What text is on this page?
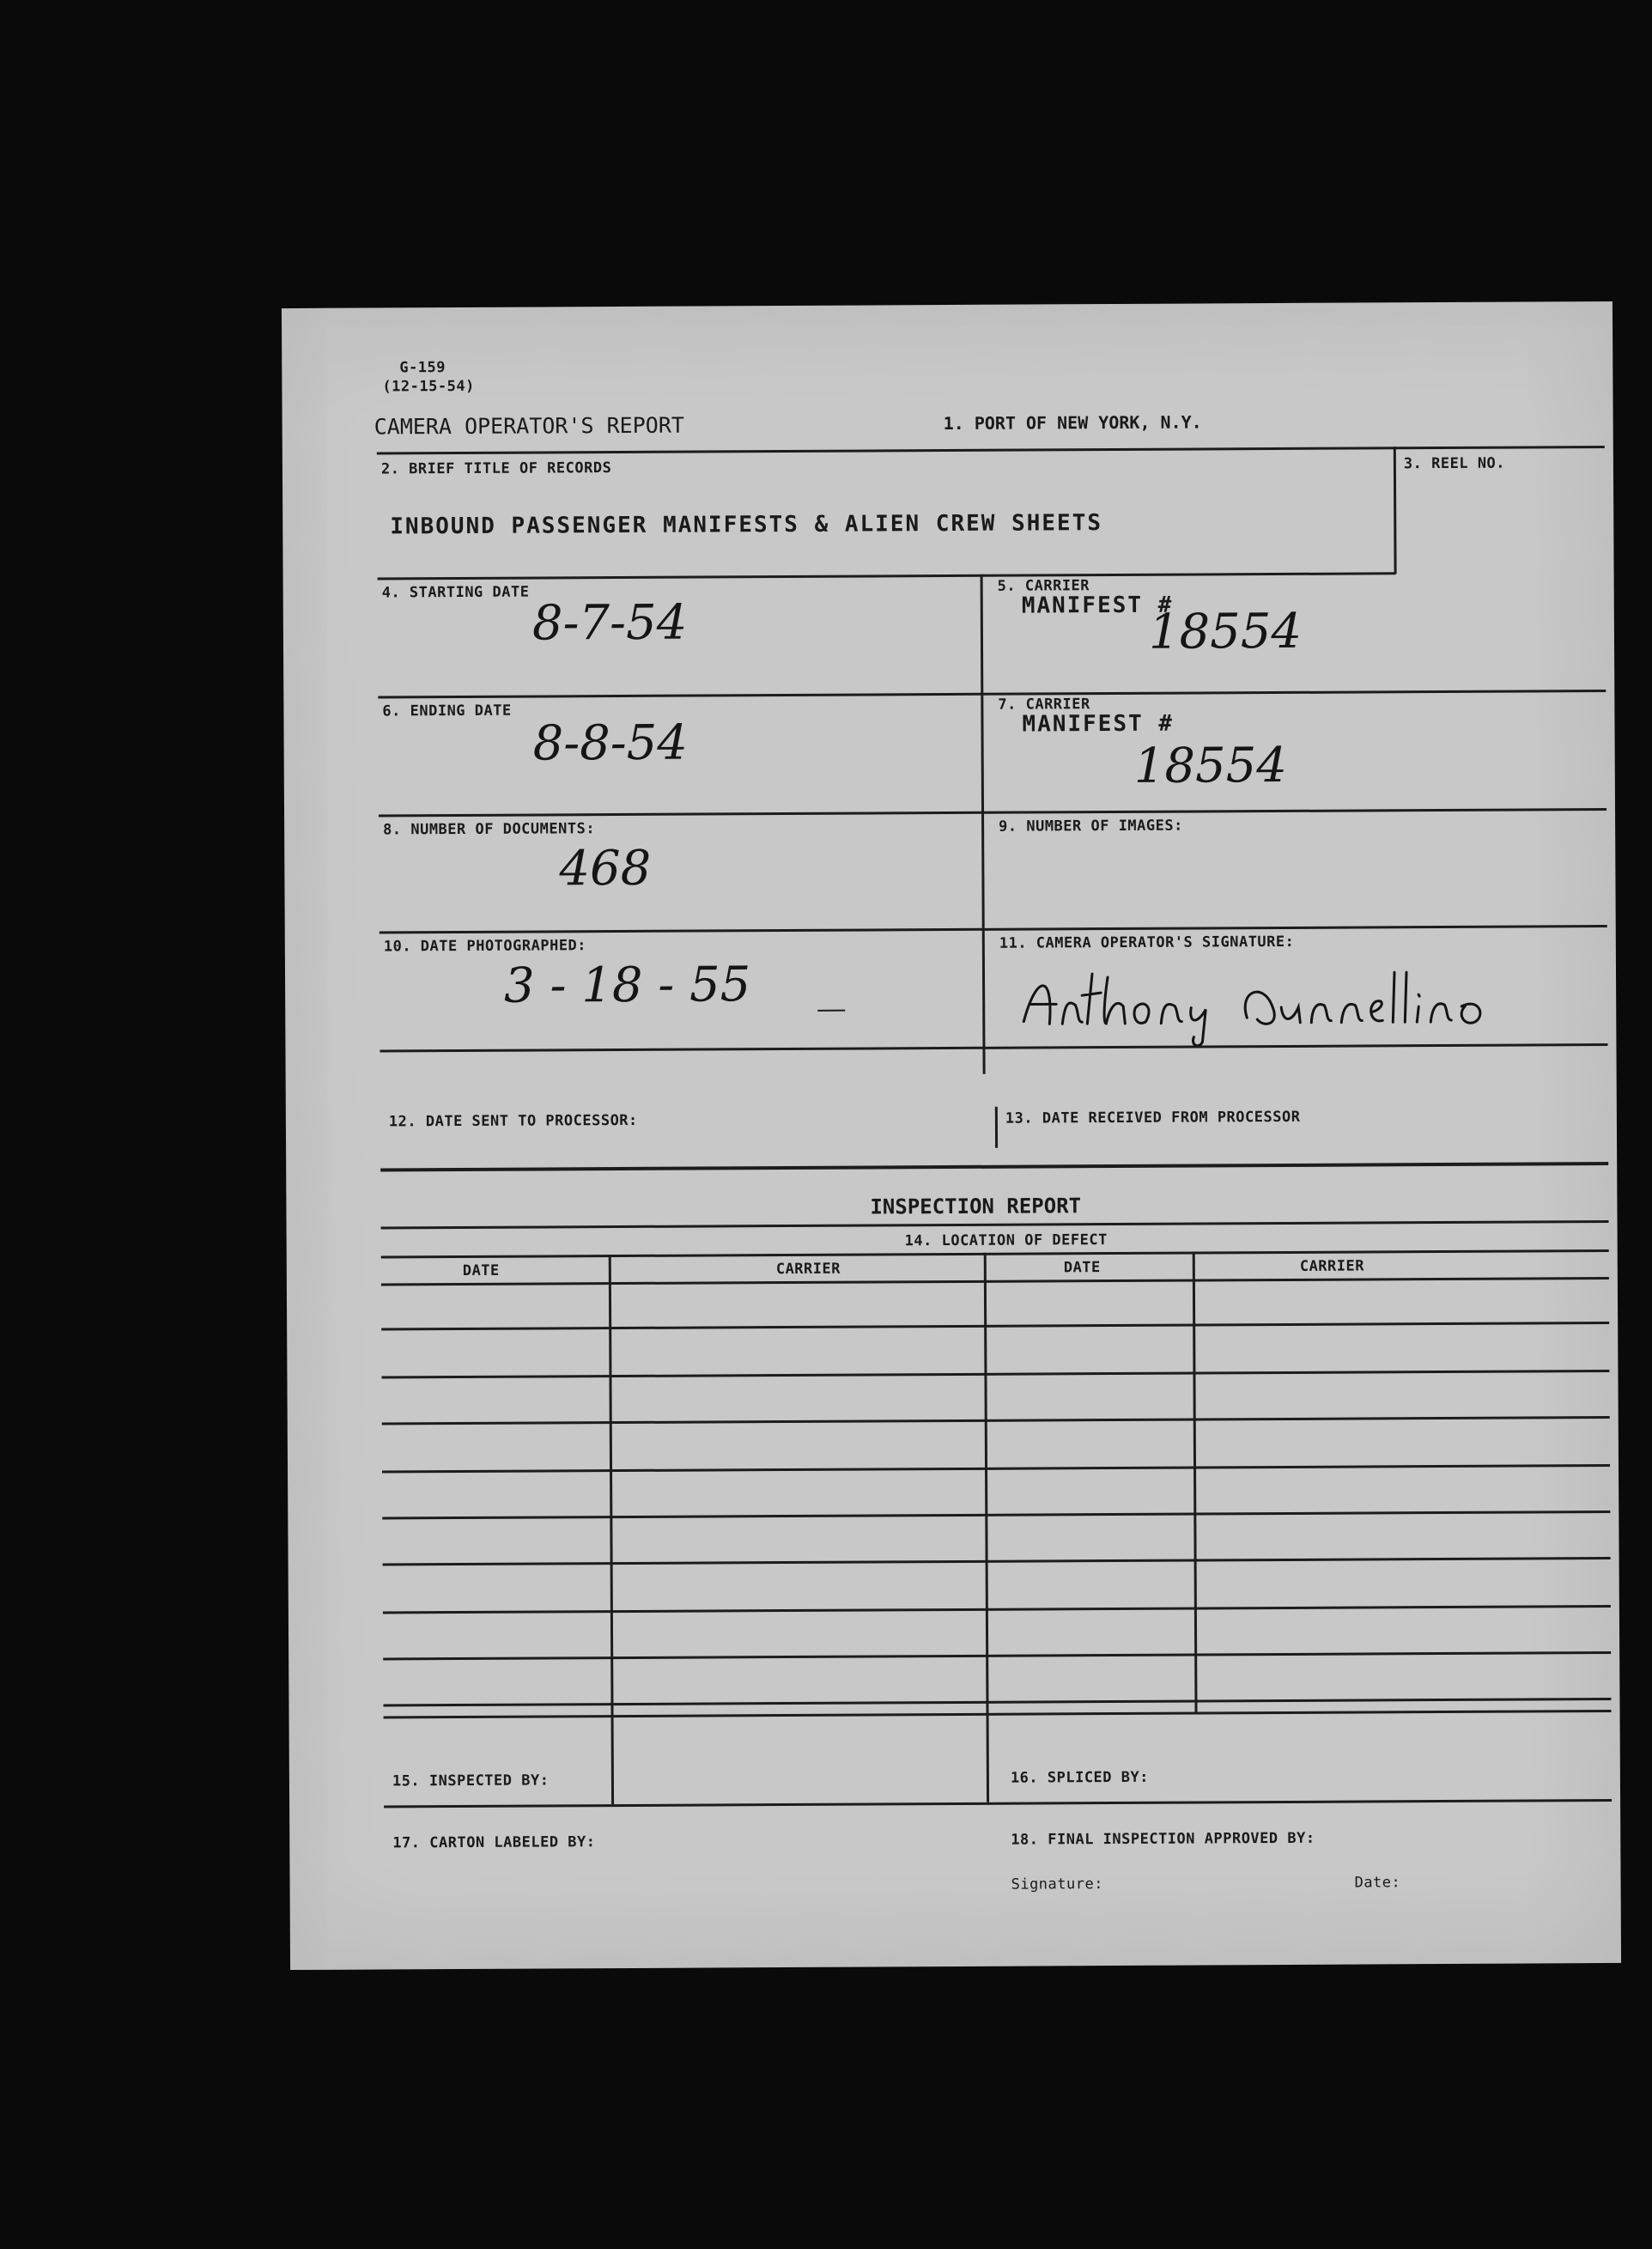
G-159
(12-15-54)
CAMERA OPERATOR'S REPORT	1. PORT OF NEW YORK, N.Y.
2. BRIEF TITLE OF RECORDS
INBOUND PASSENGER MANIFESTS & ALIEN CREW SHEETS
3. REEL NO.
4. STARTING DATE
8-7-54
5. CARRIER
MANIFEST #
18554
6. ENDING DATE
8-8-54
7. CARRIER
MANIFEST #
18554
8. NUMBER OF DOCUMENTS:
468
9. NUMBER OF IMAGES:
10. DATE PHOTOGRAPHED:
3 - 18 - 55
11. CAMERA OPERATOR'S SIGNATURE:
12. DATE SENT TO PROCESSOR:	13. DATE RECEIVED FROM PROCESSOR
INSPECTION REPORT
14. LOCATION OF DEFECT
DATE	CARRIER	DATE	CARRIER
15. INSPECTED BY:	16. SPLICED BY:
17. CARTON LABELED BY:	18. FINAL INSPECTION APPROVED BY:
Signature:	Date:
